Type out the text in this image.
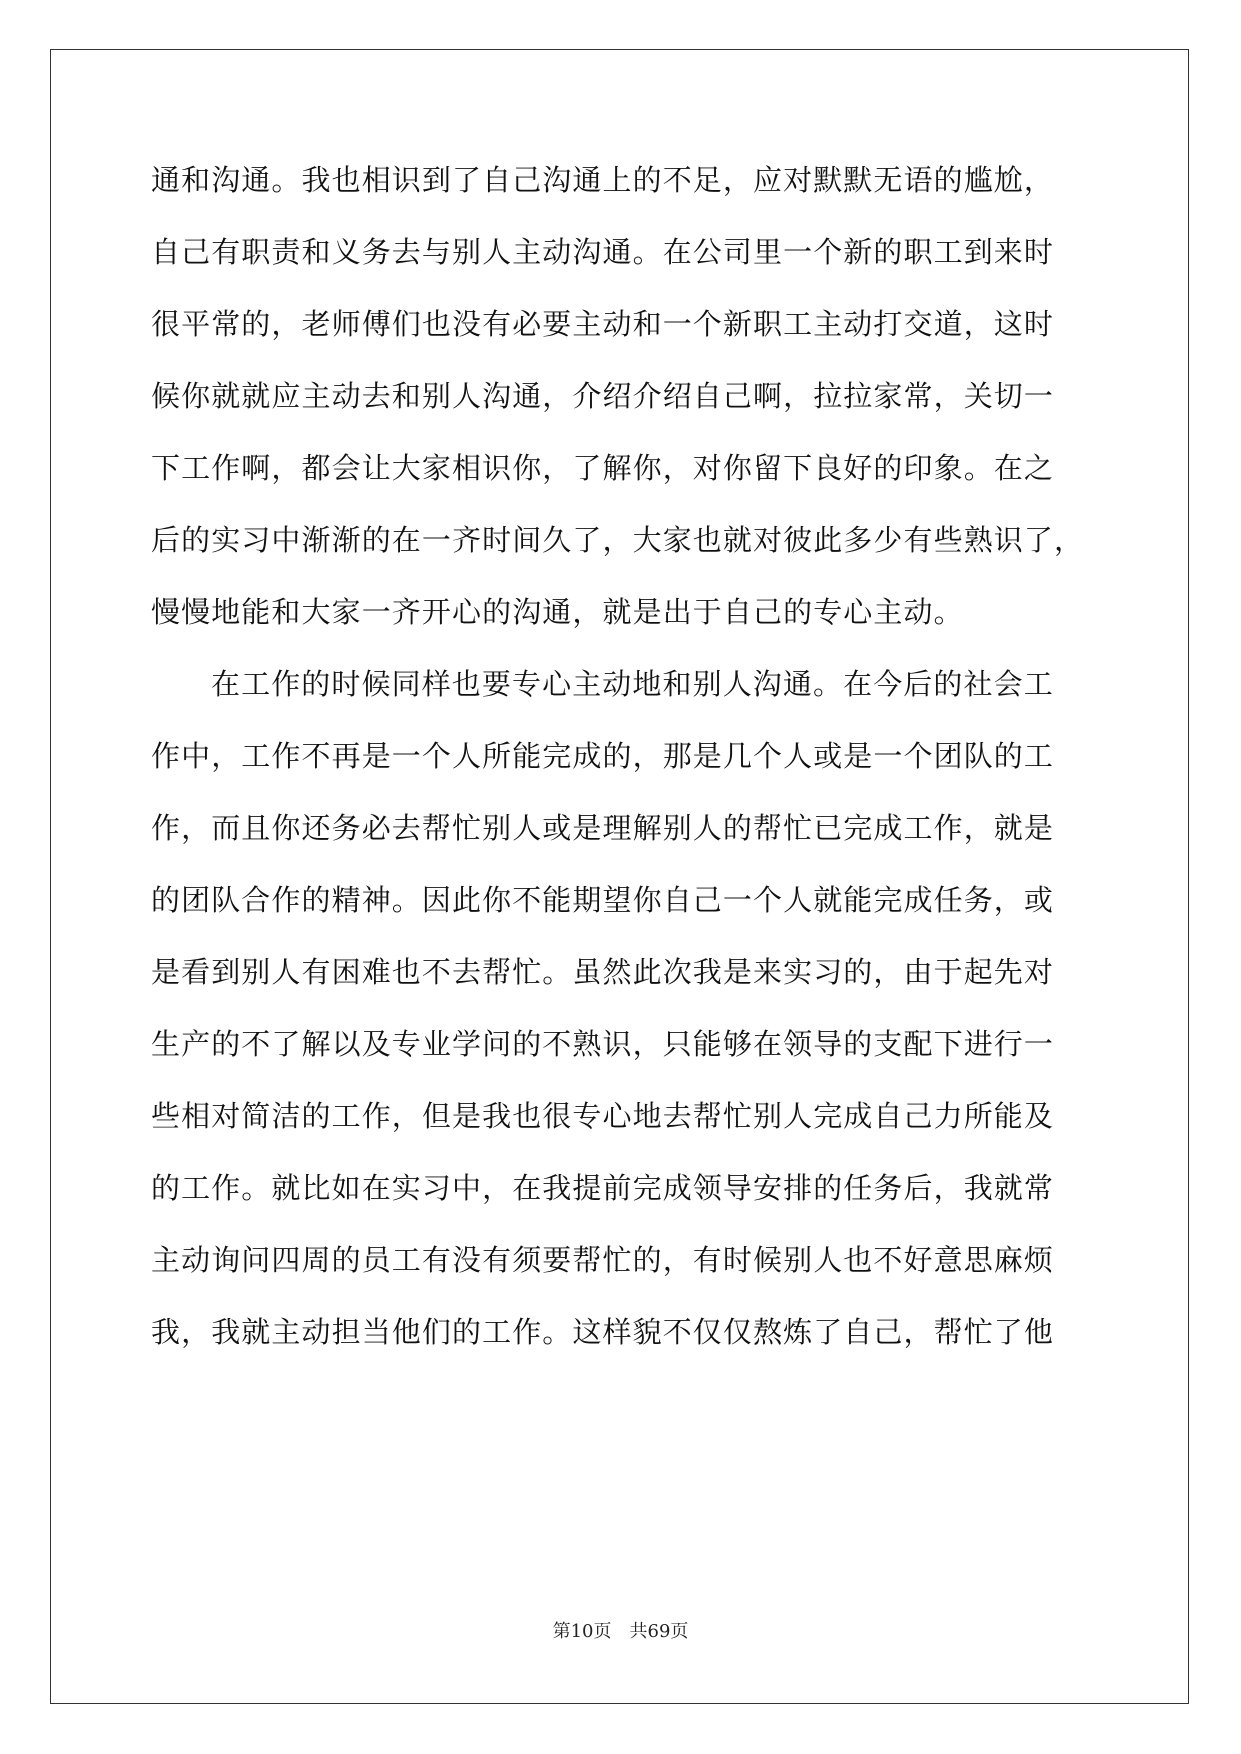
通和沟通。我也相识到了自己沟通上的不足，应对默默无语的尴尬，
自己有职责和义务去与别人主动沟通。在公司里一个新的职工到来时
很平常的，老师傅们也没有必要主动和一个新职工主动打交道，这时
候你就就应主动去和别人沟通，介绍介绍自己啊，拉拉家常，关切一
下工作啊，都会让大家相识你，了解你，对你留下良好的印象。在之
后的实习中渐渐的在一齐时间久了，大家也就对彼此多少有些熟识了，
慢慢地能和大家一齐开心的沟通，就是出于自己的专心主动。
在工作的时候同样也要专心主动地和别人沟通。在今后的社会工
作中，工作不再是一个人所能完成的，那是几个人或是一个团队的工
作，而且你还务必去帮忙别人或是理解别人的帮忙已完成工作，就是
的团队合作的精神。因此你不能期望你自己一个人就能完成任务，或
是看到别人有困难也不去帮忙。虽然此次我是来实习的，由于起先对
生产的不了解以及专业学问的不熟识，只能够在领导的支配下进行一
些相对简洁的工作，但是我也很专心地去帮忙别人完成自己力所能及
的工作。就比如在实习中，在我提前完成领导安排的任务后，我就常
主动询问四周的员工有没有须要帮忙的，有时候别人也不好意思麻烦
我，我就主动担当他们的工作。这样貌不仅仅熬炼了自己，帮忙了他
第10页 共69页
